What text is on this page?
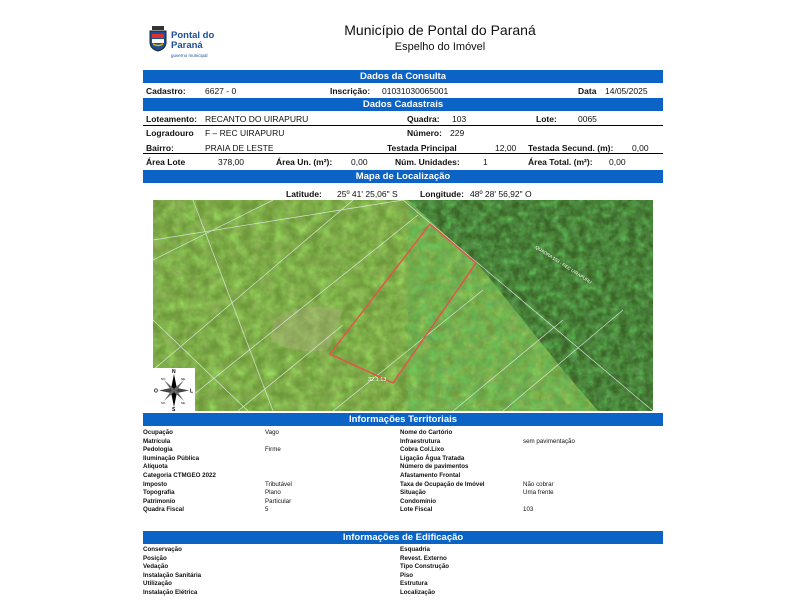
Pontal do Paraná
governo municipal
Município de Pontal do Paraná
Espelho do Imóvel
Dados da Consulta
Cadastro: 6627 - 0	Inscrição: 01031030065001	Data 14/05/2025
Dados Cadastrais
Loteamento: RECANTO DO UIRAPURU	Quadra: 103	Lote: 0065
Logradouro F – REC UIRAPURU	Número: 229
Bairro:	PRAIA DE LESTE	Testada Principal	12,00 Testada Secund. (m): 0,00
Área Lote	378,00	Área Un. (m²): 0,00	Núm. Unidades:	1	Área Total. (m²): 0,00
Mapa de Localização
Latitude: 25º 41' 25,06" S	Longitude: 48º 28' 56,92" O
32.1.13
QUADRA 103 - REC UIRAPURU
N
S
L
O
NE
NO
SE
SO
Informações Territoriais
Ocupação	Vago
Matrícula
Pedologia	Firme
Iluminação Pública
Alíquota
Categoria CTMGEO 2022
Imposto	Tributável
Topografia	Plano
Patrimonio	Particular
Quadra Fiscal	5
Nome do Cartório
Infraestrutura	sem pavimentação
Cobra Col.Lixo
Ligação Água Tratada
Número de pavimentos
Afastamento Frontal
Taxa de Ocupação de Imóvel	Não cobrar
Situação	Uma frente
Condomínio
Lote Fiscal	103
Informações de Edificação
Conservação
Posição
Vedação
Instalação Sanitária
Utilização
Instalação Elétrica
Esquadria
Revest. Externo
Tipo Construção
Piso
Estrutura
Localização
